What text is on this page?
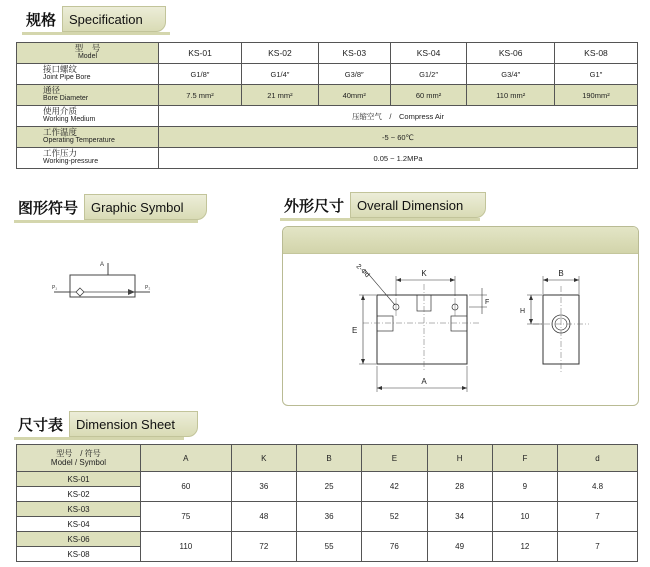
规格	Specification
型　号
Model	KS-01	KS-02	KS-03	KS-04	KS-06	KS-08

接口螺纹
Joint Pipe Bore	G1/8″	G1/4″	G3/8″	G1/2″	G3/4″	G1″

通径
Bore Diameter	7.5 mm²	21 mm²	40mm²	60 mm²	110 mm²	190mm²

使用介质
Working Medium	压缩空气　/　Compress Air					

工作温度
Operating Temperature	-5 ~ 60℃					

工作压力
Working-pressure	0.05 ~ 1.2MPa					
图形符号	Graphic Symbol
A
P₁	P₂
外形尺寸	Overall Dimension
K
2-Φd
F
E
A
B
H
尺寸表	Dimension Sheet
型号　/ 符号
Model / Symbol	A	K	B	E	H	F	d
KS-01	60	36	25	42	28	9	4.8
KS-02							
KS-03	75	48	36	52	34	10	7
KS-04							
KS-06	110	72	55	76	49	12	7
KS-08							
